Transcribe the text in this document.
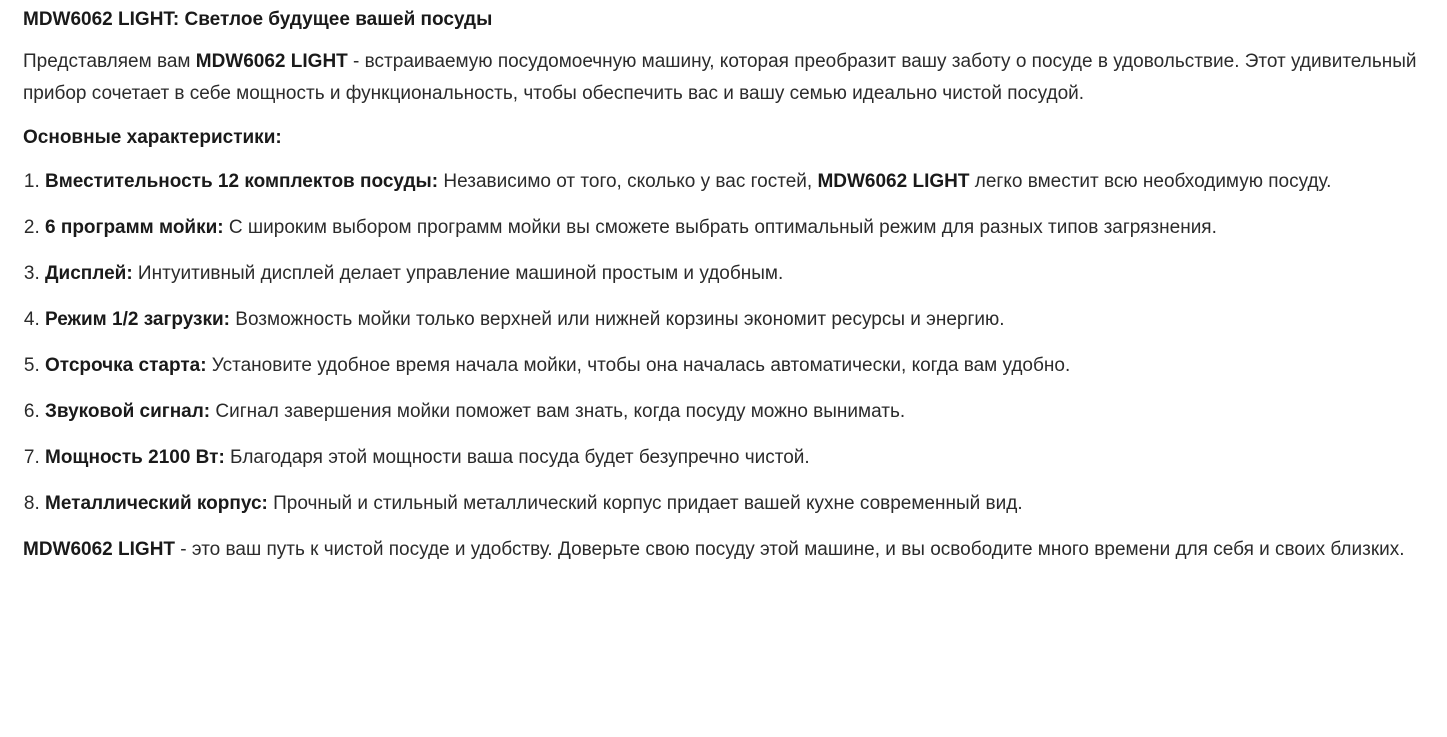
MDW6062 LIGHT: Светлое будущее вашей посуды

Представляем вам MDW6062 LIGHT - встраиваемую посудомоечную машину, которая преобразит вашу заботу о посуде в удовольствие. Этот удивительный прибор сочетает в себе мощность и функциональность, чтобы обеспечить вас и вашу семью идеально чистой посудой.

Основные характеристики:

1. Вместительность 12 комплектов посуды: Независимо от того, сколько у вас гостей, MDW6062 LIGHT легко вместит всю необходимую посуду.
2. 6 программ мойки: С широким выбором программ мойки вы сможете выбрать оптимальный режим для разных типов загрязнения.
3. Дисплей: Интуитивный дисплей делает управление машиной простым и удобным.
4. Режим 1/2 загрузки: Возможность мойки только верхней или нижней корзины экономит ресурсы и энергию.
5. Отсрочка старта: Установите удобное время начала мойки, чтобы она началась автоматически, когда вам удобно.
6. Звуковой сигнал: Сигнал завершения мойки поможет вам знать, когда посуду можно вынимать.
7. Мощность 2100 Вт: Благодаря этой мощности ваша посуда будет безупречно чистой.
8. Металлический корпус: Прочный и стильный металлический корпус придает вашей кухне современный вид.

MDW6062 LIGHT - это ваш путь к чистой посуде и удобству. Доверьте свою посуду этой машине, и вы освободите много времени для себя и своих близких.
